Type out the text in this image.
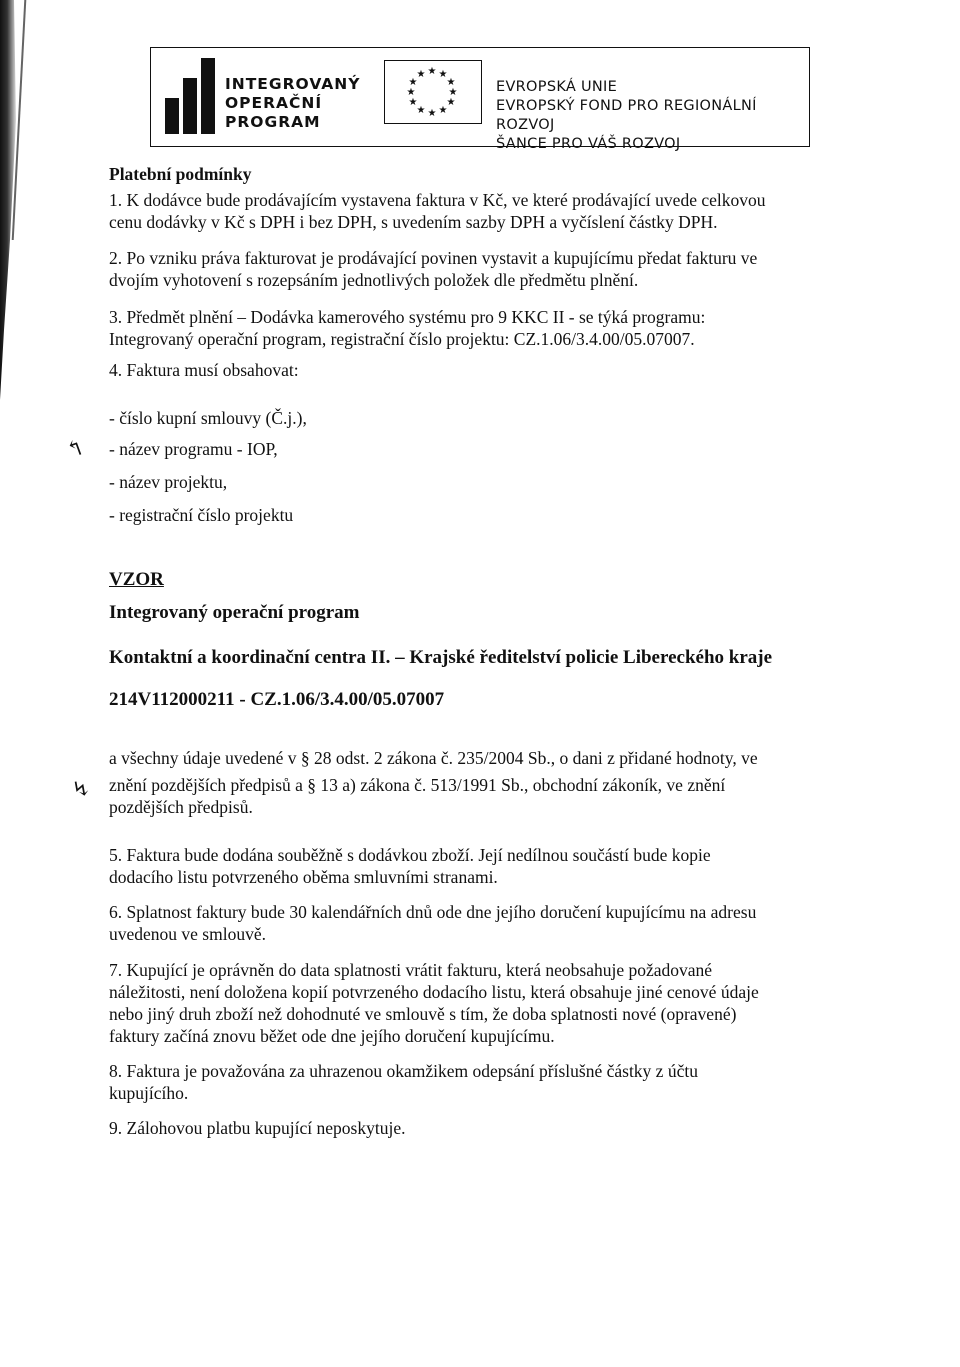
INTEGROVANÝ
OPERAČNÍ
PROGRAM
★
★ ★
★	★
★	★
★	★
★ ★
★
EVROPSKÁ UNIE
EVROPSKÝ FOND PRO REGIONÁLNÍ ROZVOJ
ŠANCE PRO VÁŠ ROZVOJ

Platební podmínky

1. K dodávce bude prodávajícím vystavena faktura v Kč, ve které prodávající uvede celkovou

cenu dodávky v Kč s DPH i bez DPH, s uvedením sazby DPH a vyčíslení částky DPH.

2. Po vzniku práva fakturovat je prodávající povinen vystavit a kupujícímu předat fakturu ve

dvojím vyhotovení s rozepsáním jednotlivých položek dle předmětu plnění.

3. Předmět plnění – Dodávka kamerového systému pro 9 KKC II - se týká programu:

Integrovaný operační program, registrační číslo projektu: CZ.1.06/3.4.00/05.07007.

4. Faktura musí obsahovat:

- číslo kupní smlouvy (Č.j.),

- název programu - IOP,

- název projektu,

- registrační číslo projektu

↰

VZOR

Integrovaný operační program

Kontaktní a koordinační centra II. – Krajské ředitelství policie Libereckého kraje

214V112000211 - CZ.1.06/3.4.00/05.07007

a všechny údaje uvedené v § 28 odst. 2 zákona č. 235/2004 Sb., o dani z přidané hodnoty, ve

znění pozdějších předpisů a § 13 a) zákona č. 513/1991 Sb., obchodní zákoník, ve znění

pozdějších předpisů.

↯

5. Faktura bude dodána souběžně s dodávkou zboží. Její nedílnou součástí bude kopie

dodacího listu potvrzeného oběma smluvními stranami.

6. Splatnost faktury bude 30 kalendářních dnů ode dne jejího doručení kupujícímu na adresu

uvedenou ve smlouvě.

7. Kupující je oprávněn do data splatnosti vrátit fakturu, která neobsahuje požadované

náležitosti, není doložena kopií potvrzeného dodacího listu, která obsahuje jiné cenové údaje

nebo jiný druh zboží než dohodnuté ve smlouvě s tím, že doba splatnosti nové (opravené)

faktury začíná znovu běžet ode dne jejího doručení kupujícímu.

8. Faktura je považována za uhrazenou okamžikem odepsání příslušné částky z účtu

kupujícího.

9. Zálohovou platbu kupující neposkytuje.
